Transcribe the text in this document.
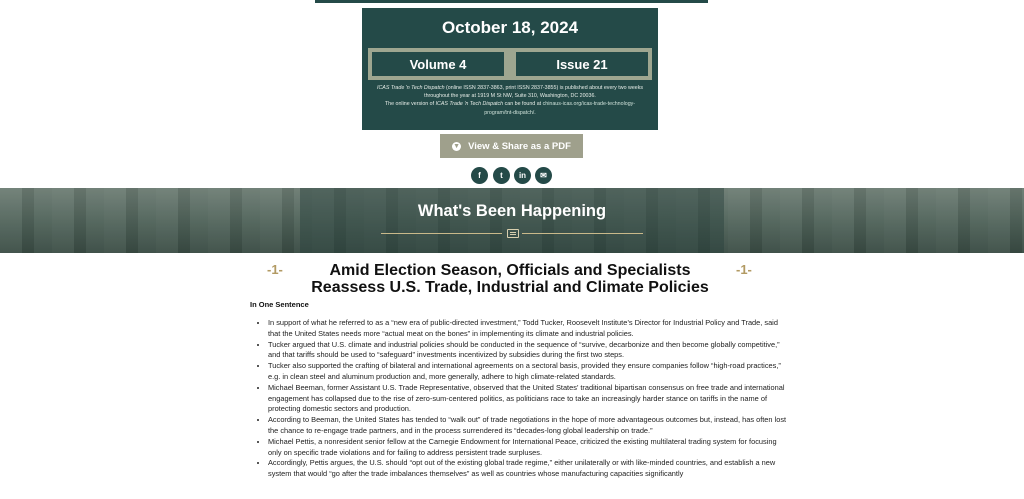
October 18, 2024
Volume 4	Issue 21
ICAS Trade 'n Tech Dispatch (online ISSN 2837-3863, print ISSN 2837-3855) is published about every two weeks throughout the year at 1919 M St NW, Suite 310, Washington, DC 20036.
The online version of ICAS Trade 'n Tech Dispatch can be found at chinaus-icas.org/icas-trade-technology-program/tnt-dispatch/.
▼ View & Share as a PDF
f t in ✉
What's Been Happening
-1-	Amid Election Season, Officials and Specialists
Reassess U.S. Trade, Industrial and Climate Policies
-1-
In One Sentence
• In support of what he referred to as a “new era of public-directed investment,” Todd Tucker, Roosevelt Institute’s Director for Industrial Policy and Trade, said that the United States needs more “actual meat on the bones” in implementing its climate and industrial policies.
• Tucker argued that U.S. climate and industrial policies should be conducted in the sequence of “survive, decarbonize and then become globally competitive,” and that tariffs should be used to “safeguard” investments incentivized by subsidies during the first two steps.
• Tucker also supported the crafting of bilateral and international agreements on a sectoral basis, provided they ensure companies follow “high-road practices,” e.g. in clean steel and aluminum production and, more generally, adhere to high climate-related standards.
• Michael Beeman, former Assistant U.S. Trade Representative, observed that the United States’ traditional bipartisan consensus on free trade and international engagement has collapsed due to the rise of zero-sum-centered politics, as politicians race to take an increasingly harder stance on tariffs in the name of protecting domestic sectors and production.
• According to Beeman, the United States has tended to “walk out” of trade negotiations in the hope of more advantageous outcomes but, instead, has often lost the chance to re-engage trade partners, and in the process surrendered its “decades-long global leadership on trade.”
• Michael Pettis, a nonresident senior fellow at the Carnegie Endowment for International Peace, criticized the existing multilateral trading system for focusing only on specific trade violations and for failing to address persistent trade surpluses.
• Accordingly, Pettis argues, the U.S. should “opt out of the existing global trade regime,” either unilaterally or with like-minded countries, and establish a new system that would “go after the trade imbalances themselves” as well as countries whose manufacturing capacities significantly
